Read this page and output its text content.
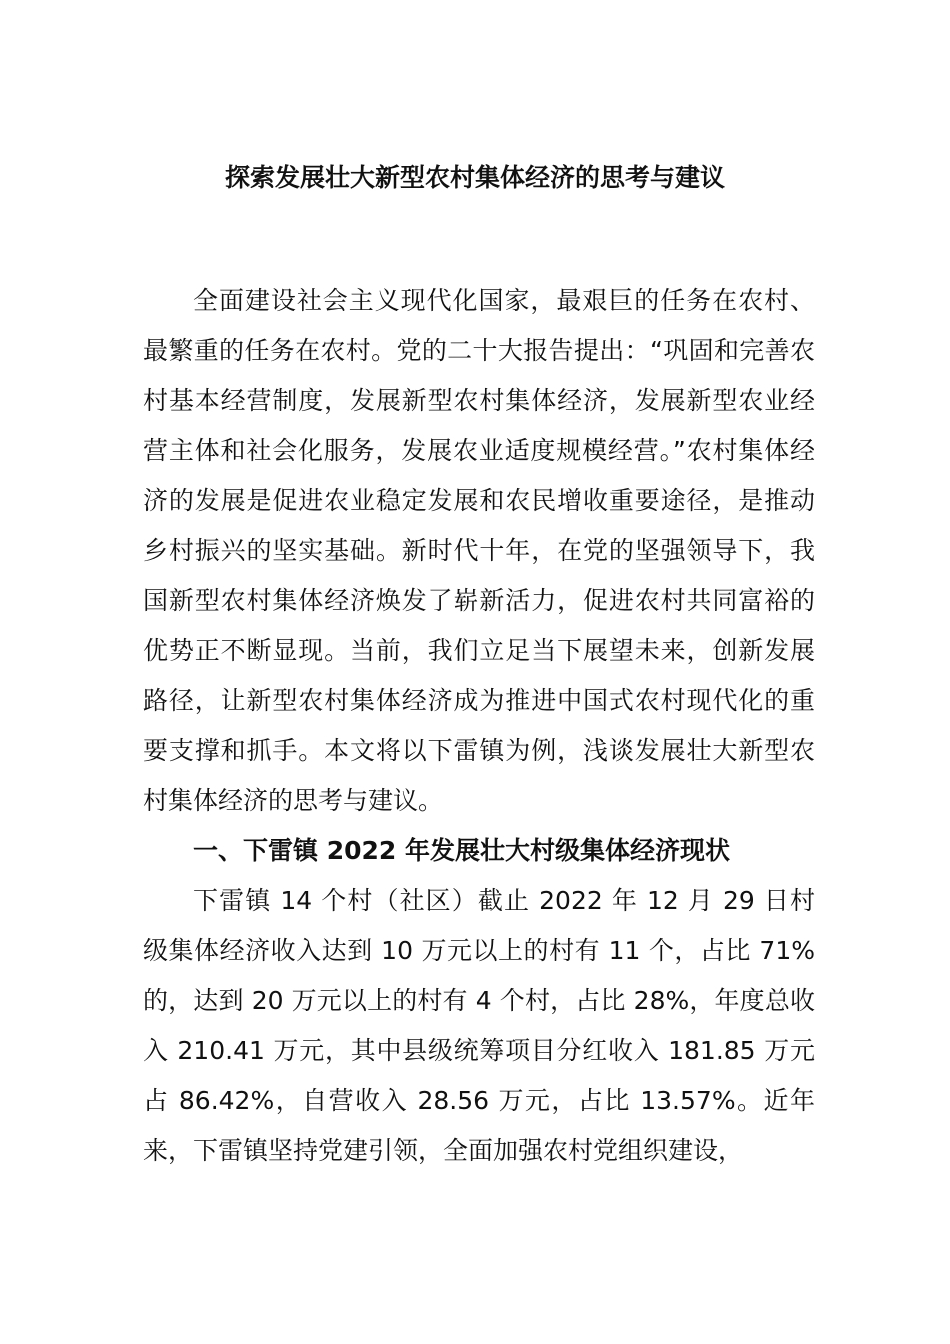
探索发展壮大新型农村集体经济的思考与建议

全面建设社会主义现代化国家，最艰巨的任务在农村、最繁重的任务在农村。党的二十大报告提出：“巩固和完善农村基本经营制度，发展新型农村集体经济，发展新型农业经营主体和社会化服务，发展农业适度规模经营。”农村集体经济的发展是促进农业稳定发展和农民增收重要途径，是推动乡村振兴的坚实基础。新时代十年，在党的坚强领导下，我国新型农村集体经济焕发了崭新活力，促进农村共同富裕的优势正不断显现。当前，我们立足当下展望未来，创新发展路径，让新型农村集体经济成为推进中国式农村现代化的重要支撑和抓手。本文将以下雷镇为例，浅谈发展壮大新型农村集体经济的思考与建议。

一、下雷镇 2022 年发展壮大村级集体经济现状

下雷镇 14 个村（社区）截止 2022 年 12 月 29 日村级集体经济收入达到 10 万元以上的村有 11 个，占比 71%的，达到 20 万元以上的村有 4 个村，占比 28%，年度总收入 210.41 万元，其中县级统筹项目分红收入 181.85 万元占 86.42%，自营收入 28.56 万元，占比 13.57%。近年来，下雷镇坚持党建引领，全面加强农村党组织建设，
